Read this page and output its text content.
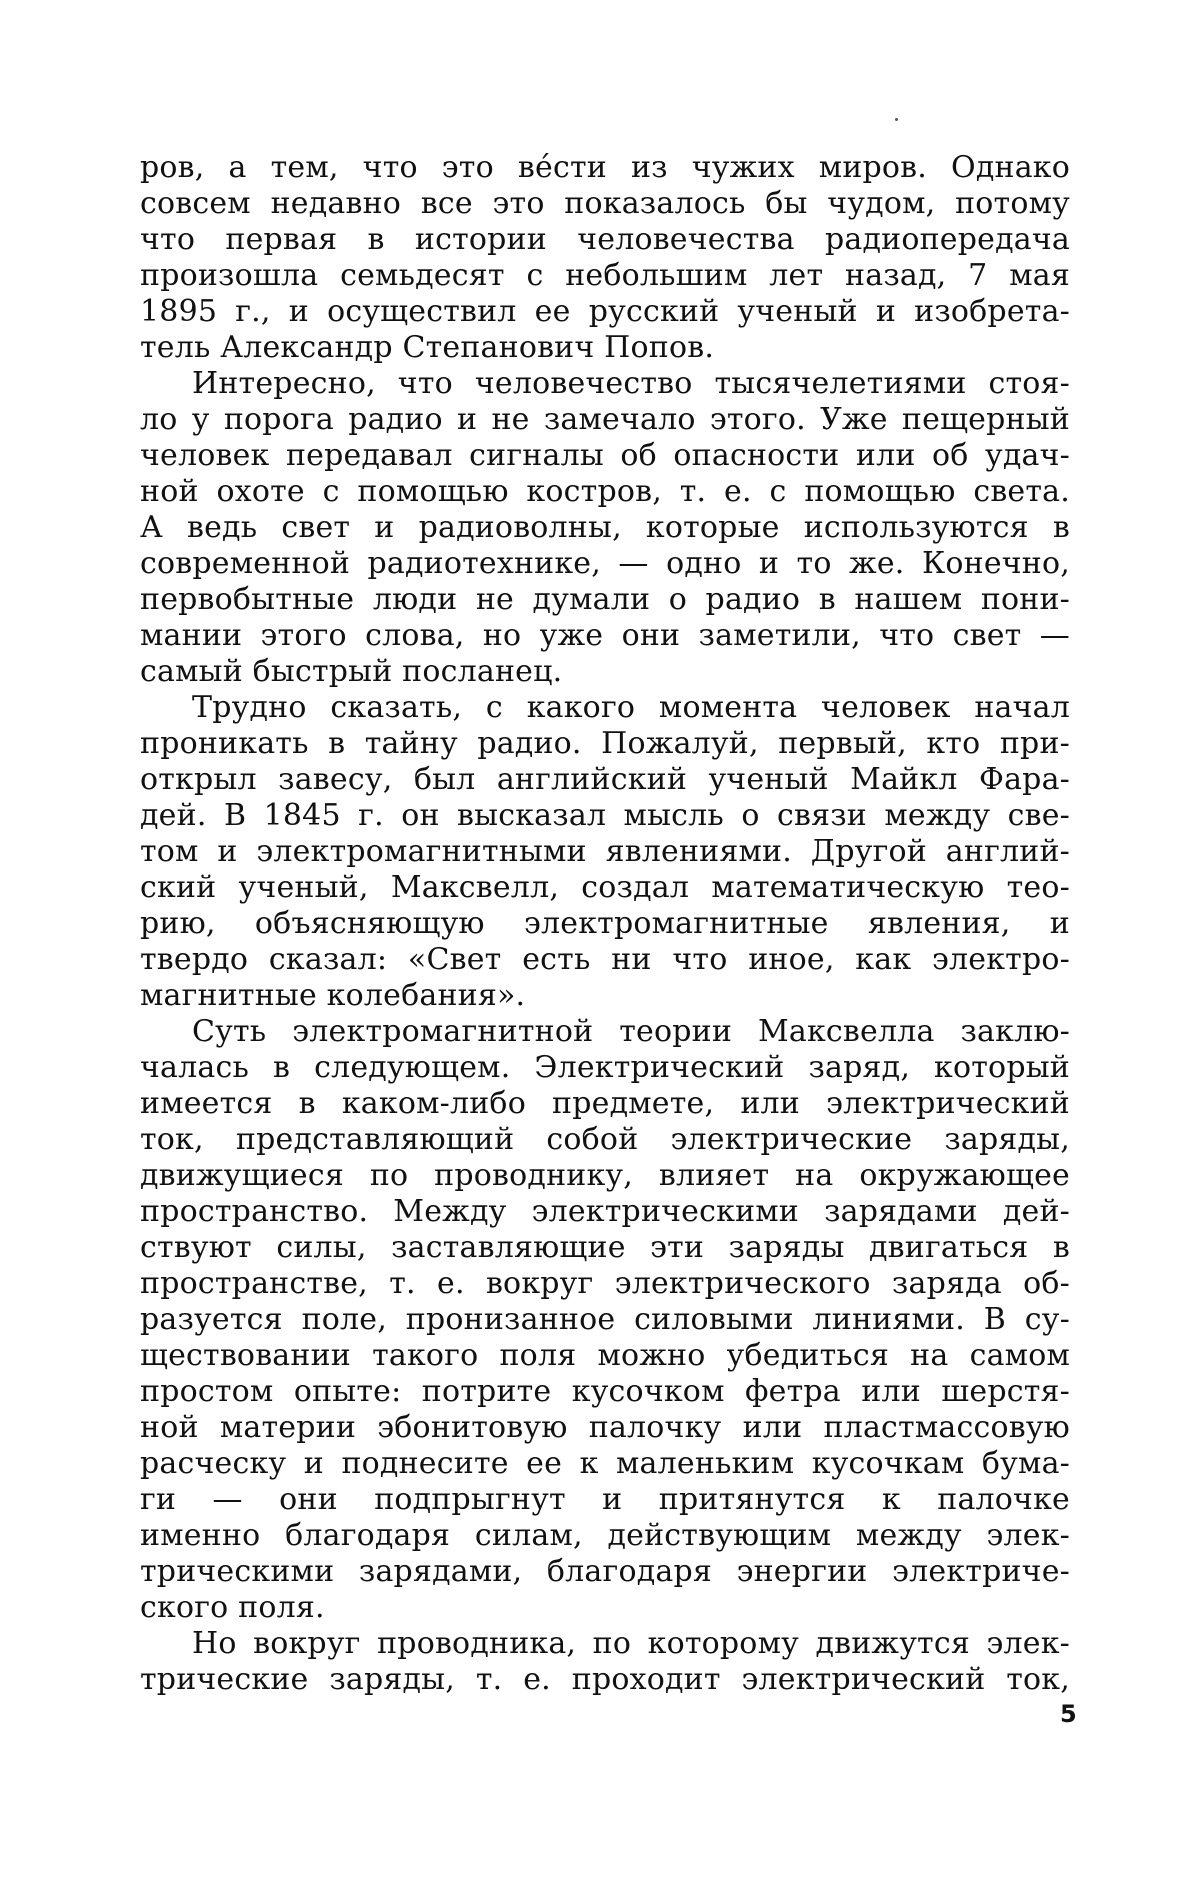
ров, а тем, что это ве́сти из чужих миров. Однако
совсем недавно все это показалось бы чудом, потому
что первая в истории человечества радиопередача
произошла семьдесят с небольшим лет назад, 7 мая
1895 г., и осуществил ее русский ученый и изобрета-
тель Александр Степанович Попов.
Интересно, что человечество тысячелетиями стоя-
ло у порога радио и не замечало этого. Уже пещерный
человек передавал сигналы об опасности или об удач-
ной охоте с помощью костров, т. е. с помощью света.
А ведь свет и радиоволны, которые используются в
современной радиотехнике, — одно и то же. Конечно,
первобытные люди не думали о радио в нашем пони-
мании этого слова, но уже они заметили, что свет —
самый быстрый посланец.
Трудно сказать, с какого момента человек начал
проникать в тайну радио. Пожалуй, первый, кто при-
открыл завесу, был английский ученый Майкл Фара-
дей. В 1845 г. он высказал мысль о связи между све-
том и электромагнитными явлениями. Другой англий-
ский ученый, Максвелл, создал математическую тео-
рию, объясняющую электромагнитные явления, и
твердо сказал: «Свет есть ни что иное, как электро-
магнитные колебания».
Суть электромагнитной теории Максвелла заклю-
чалась в следующем. Электрический заряд, который
имеется в каком-либо предмете, или электрический
ток, представляющий собой электрические заряды,
движущиеся по проводнику, влияет на окружающее
пространство. Между электрическими зарядами дей-
ствуют силы, заставляющие эти заряды двигаться в
пространстве, т. е. вокруг электрического заряда об-
разуется поле, пронизанное силовыми линиями. В су-
ществовании такого поля можно убедиться на самом
простом опыте: потрите кусочком фетра или шерстя-
ной материи эбонитовую палочку или пластмассовую
расческу и поднесите ее к маленьким кусочкам бума-
ги — они подпрыгнут и притянутся к палочке
именно благодаря силам, действующим между элек-
трическими зарядами, благодаря энергии электриче-
ского поля.
Но вокруг проводника, по которому движутся элек-
трические заряды, т. е. проходит электрический ток,
5
